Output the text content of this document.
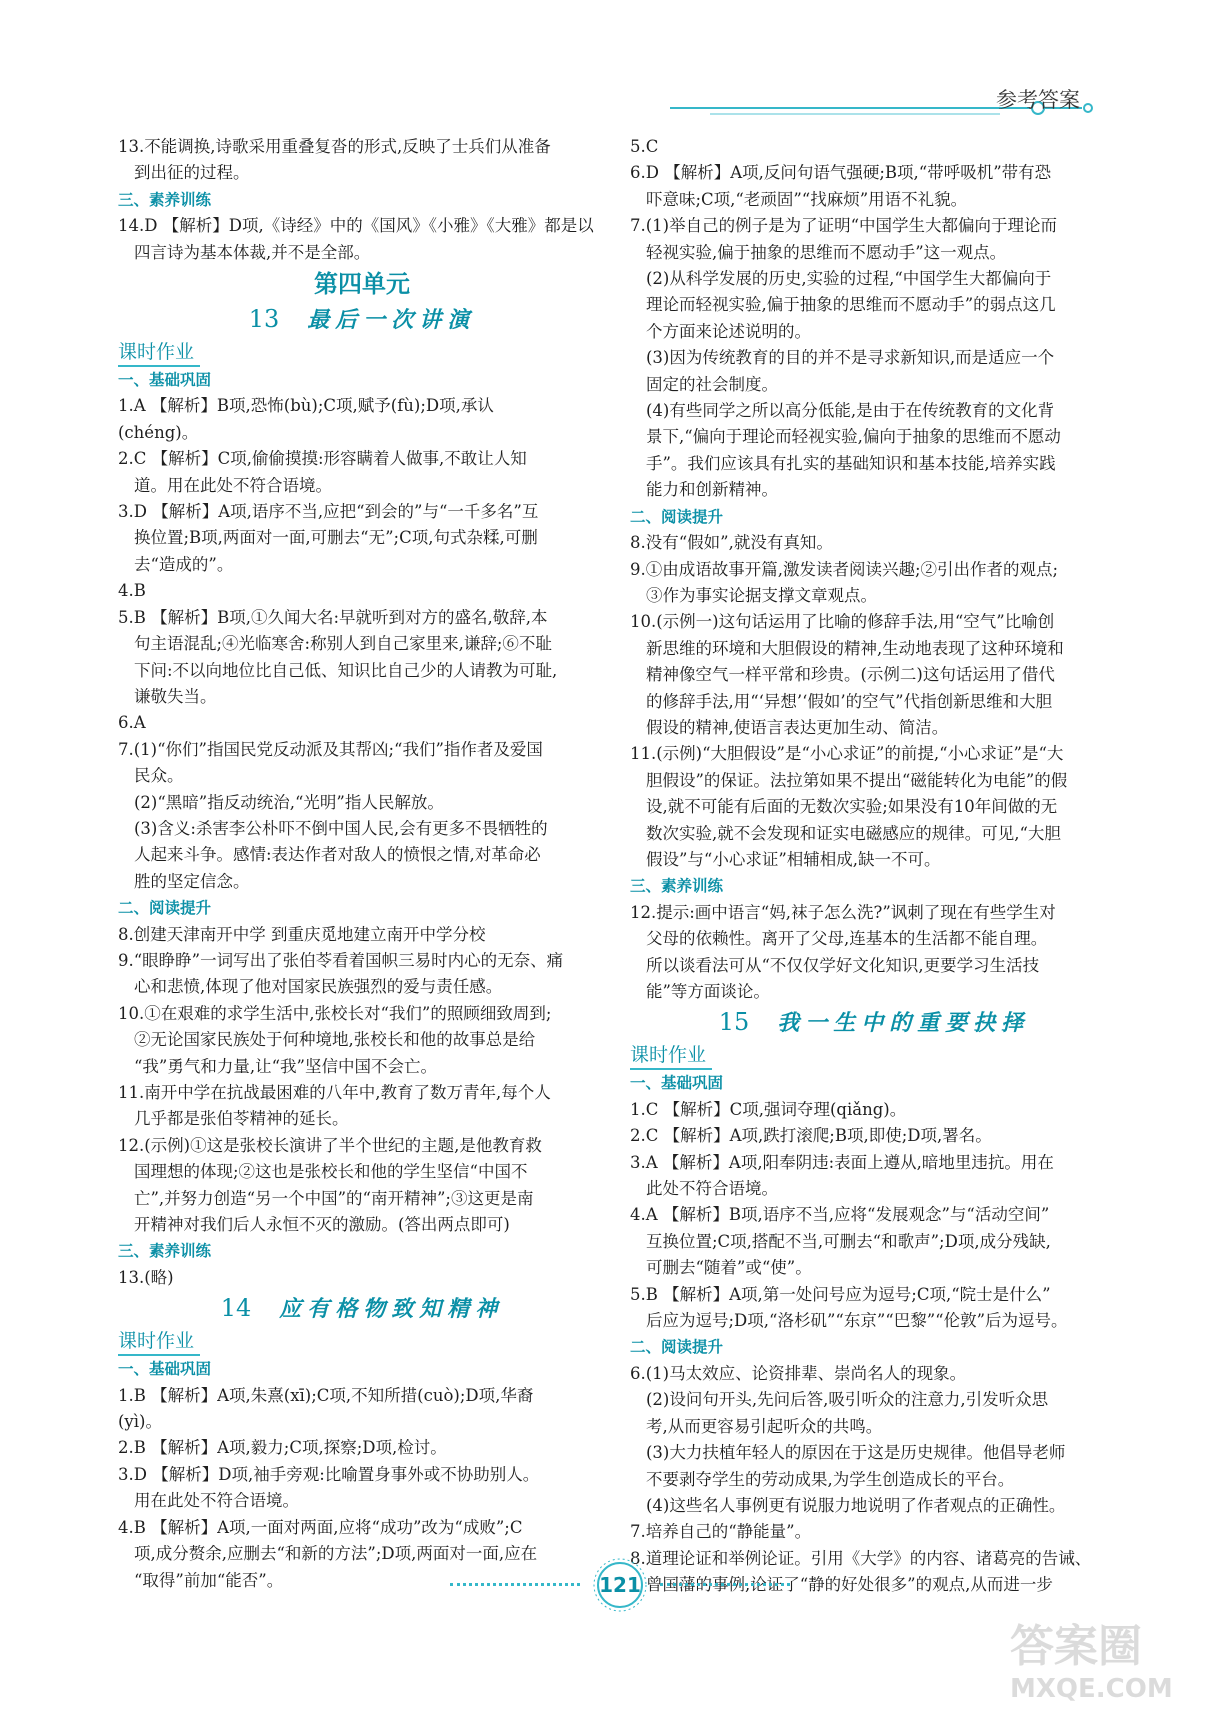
参考答案
13.不能调换,诗歌采用重叠复沓的形式,反映了士兵们从准备
到出征的过程。
三、素养训练
14.D 【解析】D项,《诗经》中的《国风》《小雅》《大雅》都是以
四言诗为基本体裁,并不是全部。
第四单元
13 最后一次讲演
课时作业
一、基础巩固
1.A 【解析】B项,恐怖(bù);C项,赋予(fù);D项,承认
(chéng)。
2.C 【解析】C项,偷偷摸摸:形容瞒着人做事,不敢让人知
道。用在此处不符合语境。
3.D 【解析】A项,语序不当,应把“到会的”与“一千多名”互
换位置;B项,两面对一面,可删去“无”;C项,句式杂糅,可删
去“造成的”。
4.B
5.B 【解析】B项,①久闻大名:早就听到对方的盛名,敬辞,本
句主语混乱;④光临寒舍:称别人到自己家里来,谦辞;⑥不耻
下问:不以向地位比自己低、知识比自己少的人请教为可耻,
谦敬失当。
6.A
7.(1)“你们”指国民党反动派及其帮凶;“我们”指作者及爱国
民众。
(2)“黑暗”指反动统治,“光明”指人民解放。
(3)含义:杀害李公朴吓不倒中国人民,会有更多不畏牺牲的
人起来斗争。感情:表达作者对敌人的愤恨之情,对革命必
胜的坚定信念。
二、阅读提升
8.创建天津南开中学 到重庆觅地建立南开中学分校
9.“眼睁睁”一词写出了张伯苓看着国帜三易时内心的无奈、痛
心和悲愤,体现了他对国家民族强烈的爱与责任感。
10.①在艰难的求学生活中,张校长对“我们”的照顾细致周到;
②无论国家民族处于何种境地,张校长和他的故事总是给
“我”勇气和力量,让“我”坚信中国不会亡。
11.南开中学在抗战最困难的八年中,教育了数万青年,每个人
几乎都是张伯苓精神的延长。
12.(示例)①这是张校长演讲了半个世纪的主题,是他教育救
国理想的体现;②这也是张校长和他的学生坚信“中国不
亡”,并努力创造“另一个中国”的“南开精神”;③这更是南
开精神对我们后人永恒不灭的激励。(答出两点即可)
三、素养训练
13.(略)
14 应有格物致知精神
课时作业
一、基础巩固
1.B 【解析】A项,朱熹(xī);C项,不知所措(cuò);D项,华裔
(yì)。
2.B 【解析】A项,毅力;C项,探察;D项,检讨。
3.D 【解析】D项,袖手旁观:比喻置身事外或不协助别人。
用在此处不符合语境。
4.B 【解析】A项,一面对两面,应将“成功”改为“成败”;C
项,成分赘余,应删去“和新的方法”;D项,两面对一面,应在
“取得”前加“能否”。
5.C
6.D 【解析】A项,反问句语气强硬;B项,“带呼吸机”带有恐
吓意味;C项,“老顽固”“找麻烦”用语不礼貌。
7.(1)举自己的例子是为了证明“中国学生大都偏向于理论而
轻视实验,偏于抽象的思维而不愿动手”这一观点。
(2)从科学发展的历史,实验的过程,“中国学生大都偏向于
理论而轻视实验,偏于抽象的思维而不愿动手”的弱点这几
个方面来论述说明的。
(3)因为传统教育的目的并不是寻求新知识,而是适应一个
固定的社会制度。
(4)有些同学之所以高分低能,是由于在传统教育的文化背
景下,“偏向于理论而轻视实验,偏向于抽象的思维而不愿动
手”。我们应该具有扎实的基础知识和基本技能,培养实践
能力和创新精神。
二、阅读提升
8.没有“假如”,就没有真知。
9.①由成语故事开篇,激发读者阅读兴趣;②引出作者的观点;
③作为事实论据支撑文章观点。
10.(示例一)这句话运用了比喻的修辞手法,用“空气”比喻创
新思维的环境和大胆假设的精神,生动地表现了这种环境和
精神像空气一样平常和珍贵。(示例二)这句话运用了借代
的修辞手法,用“‘异想’‘假如’的空气”代指创新思维和大胆
假设的精神,使语言表达更加生动、简洁。
11.(示例)“大胆假设”是“小心求证”的前提,“小心求证”是“大
胆假设”的保证。法拉第如果不提出“磁能转化为电能”的假
设,就不可能有后面的无数次实验;如果没有10年间做的无
数次实验,就不会发现和证实电磁感应的规律。可见,“大胆
假设”与“小心求证”相辅相成,缺一不可。
三、素养训练
12.提示:画中语言“妈,袜子怎么洗?”讽刺了现在有些学生对
父母的依赖性。离开了父母,连基本的生活都不能自理。
所以谈看法可从“不仅仅学好文化知识,更要学习生活技
能”等方面谈论。
15 我一生中的重要抉择
课时作业
一、基础巩固
1.C 【解析】C项,强词夺理(qiǎng)。
2.C 【解析】A项,跌打滚爬;B项,即使;D项,署名。
3.A 【解析】A项,阳奉阴违:表面上遵从,暗地里违抗。用在
此处不符合语境。
4.A 【解析】B项,语序不当,应将“发展观念”与“活动空间”
互换位置;C项,搭配不当,可删去“和歌声”;D项,成分残缺,
可删去“随着”或“使”。
5.B 【解析】A项,第一处问号应为逗号;C项,“院士是什么”
后应为逗号;D项,“洛杉矶”“东京”“巴黎”“伦敦”后为逗号。
二、阅读提升
6.(1)马太效应、论资排辈、崇尚名人的现象。
(2)设问句开头,先问后答,吸引听众的注意力,引发听众思
考,从而更容易引起听众的共鸣。
(3)大力扶植年轻人的原因在于这是历史规律。他倡导老师
不要剥夺学生的劳动成果,为学生创造成长的平台。
(4)这些名人事例更有说服力地说明了作者观点的正确性。
7.培养自己的“静能量”。
8.道理论证和举例论证。引用《大学》的内容、诸葛亮的告诫、
曾国藩的事例,论证了“静的好处很多”的观点,从而进一步
121
答案圈
MXQE.COM
